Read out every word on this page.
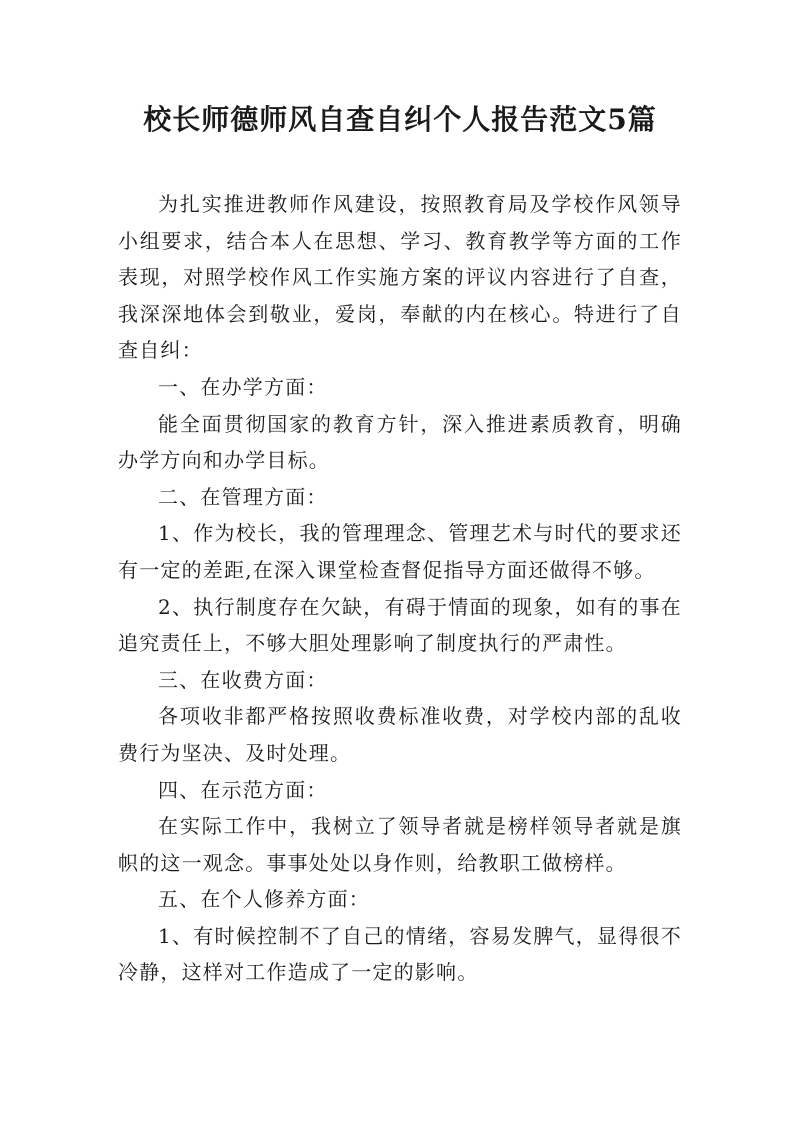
校长师德师风自查自纠个人报告范文5篇

为扎实推进教师作风建设，按照教育局及学校作风领导小组要求，结合本人在思想、学习、教育教学等方面的工作表现，对照学校作风工作实施方案的评议内容进行了自查，我深深地体会到敬业，爱岗，奉献的内在核心。特进行了自查自纠：

一、在办学方面：

能全面贯彻国家的教育方针，深入推进素质教育，明确办学方向和办学目标。

二、在管理方面：

1、作为校长，我的管理理念、管理艺术与时代的要求还有一定的差距,在深入课堂检查督促指导方面还做得不够。

2、执行制度存在欠缺，有碍于情面的现象，如有的事在追究责任上，不够大胆处理影响了制度执行的严肃性。

三、在收费方面：

各项收非都严格按照收费标准收费，对学校内部的乱收费行为坚决、及时处理。

四、在示范方面：

在实际工作中，我树立了领导者就是榜样领导者就是旗帜的这一观念。事事处处以身作则，给教职工做榜样。

五、在个人修养方面：

1、有时候控制不了自己的情绪，容易发脾气，显得很不冷静，这样对工作造成了一定的影响。
